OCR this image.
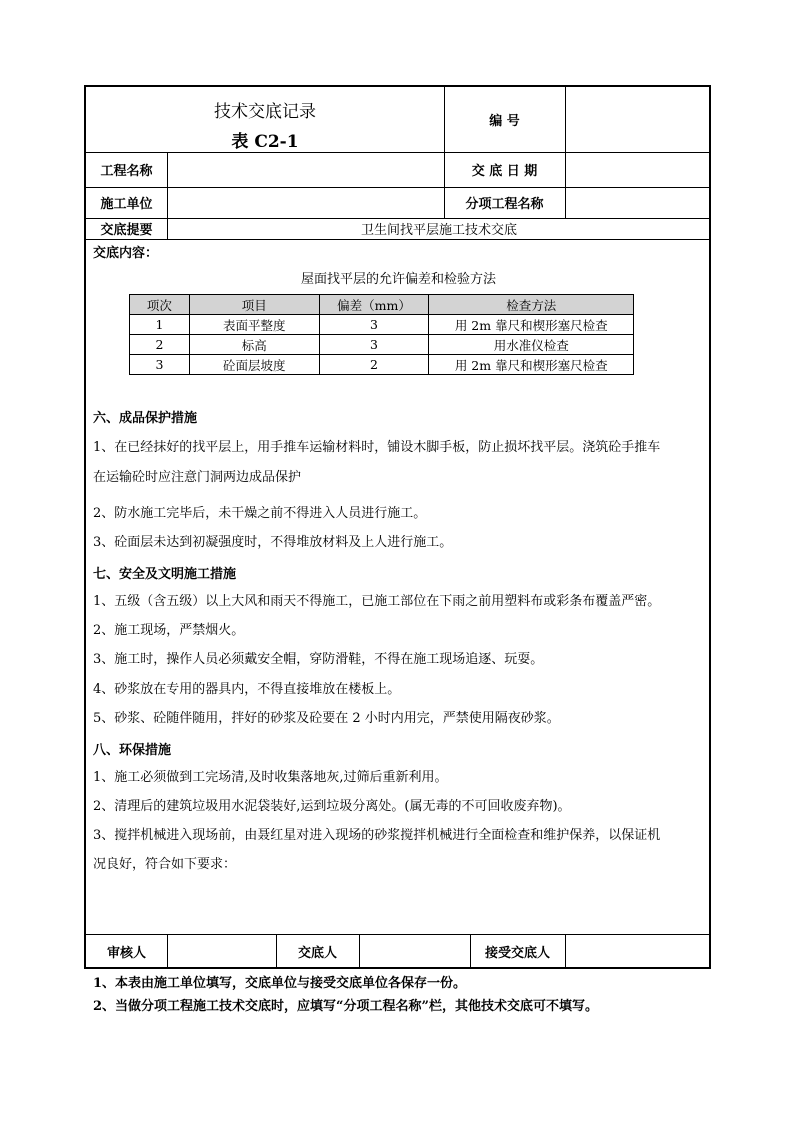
技术交底记录
表 C2-1
编 号
工程名称	交 底 日 期
施工单位	分项工程名称
交底提要	卫生间找平层施工技术交底
交底内容：
屋面找平层的允许偏差和检验方法
项次	项目	偏差（mm）	检查方法
1	表面平整度	3	用 2m 靠尺和楔形塞尺检查
2	标高	3	用水准仪检查
3	砼面层坡度	2	用 2m 靠尺和楔形塞尺检查
六、成品保护措施
1、在已经抹好的找平层上，用手推车运输材料时，铺设木脚手板，防止损坏找平层。浇筑砼手推车
在运输砼时应注意门洞两边成品保护
2、防水施工完毕后，未干燥之前不得进入人员进行施工。
3、砼面层未达到初凝强度时，不得堆放材料及上人进行施工。
七、安全及文明施工措施
1、五级（含五级）以上大风和雨天不得施工，已施工部位在下雨之前用塑料布或彩条布覆盖严密。
2、施工现场，严禁烟火。
3、施工时，操作人员必须戴安全帽，穿防滑鞋，不得在施工现场追逐、玩耍。
4、砂浆放在专用的器具内，不得直接堆放在楼板上。
5、砂浆、砼随伴随用，拌好的砂浆及砼要在 2 小时内用完，严禁使用隔夜砂浆。
八、环保措施
1、施工必须做到工完场清,及时收集落地灰,过筛后重新利用。
2、清理后的建筑垃圾用水泥袋装好,运到垃圾分离处。(属无毒的不可回收废弃物)。
3、搅拌机械进入现场前，由聂红星对进入现场的砂浆搅拌机械进行全面检查和维护保养，以保证机
况良好，符合如下要求：
审核人	交底人	接受交底人
1、本表由施工单位填写，交底单位与接受交底单位各保存一份。
2、当做分项工程施工技术交底时，应填写“分项工程名称”栏，其他技术交底可不填写。
